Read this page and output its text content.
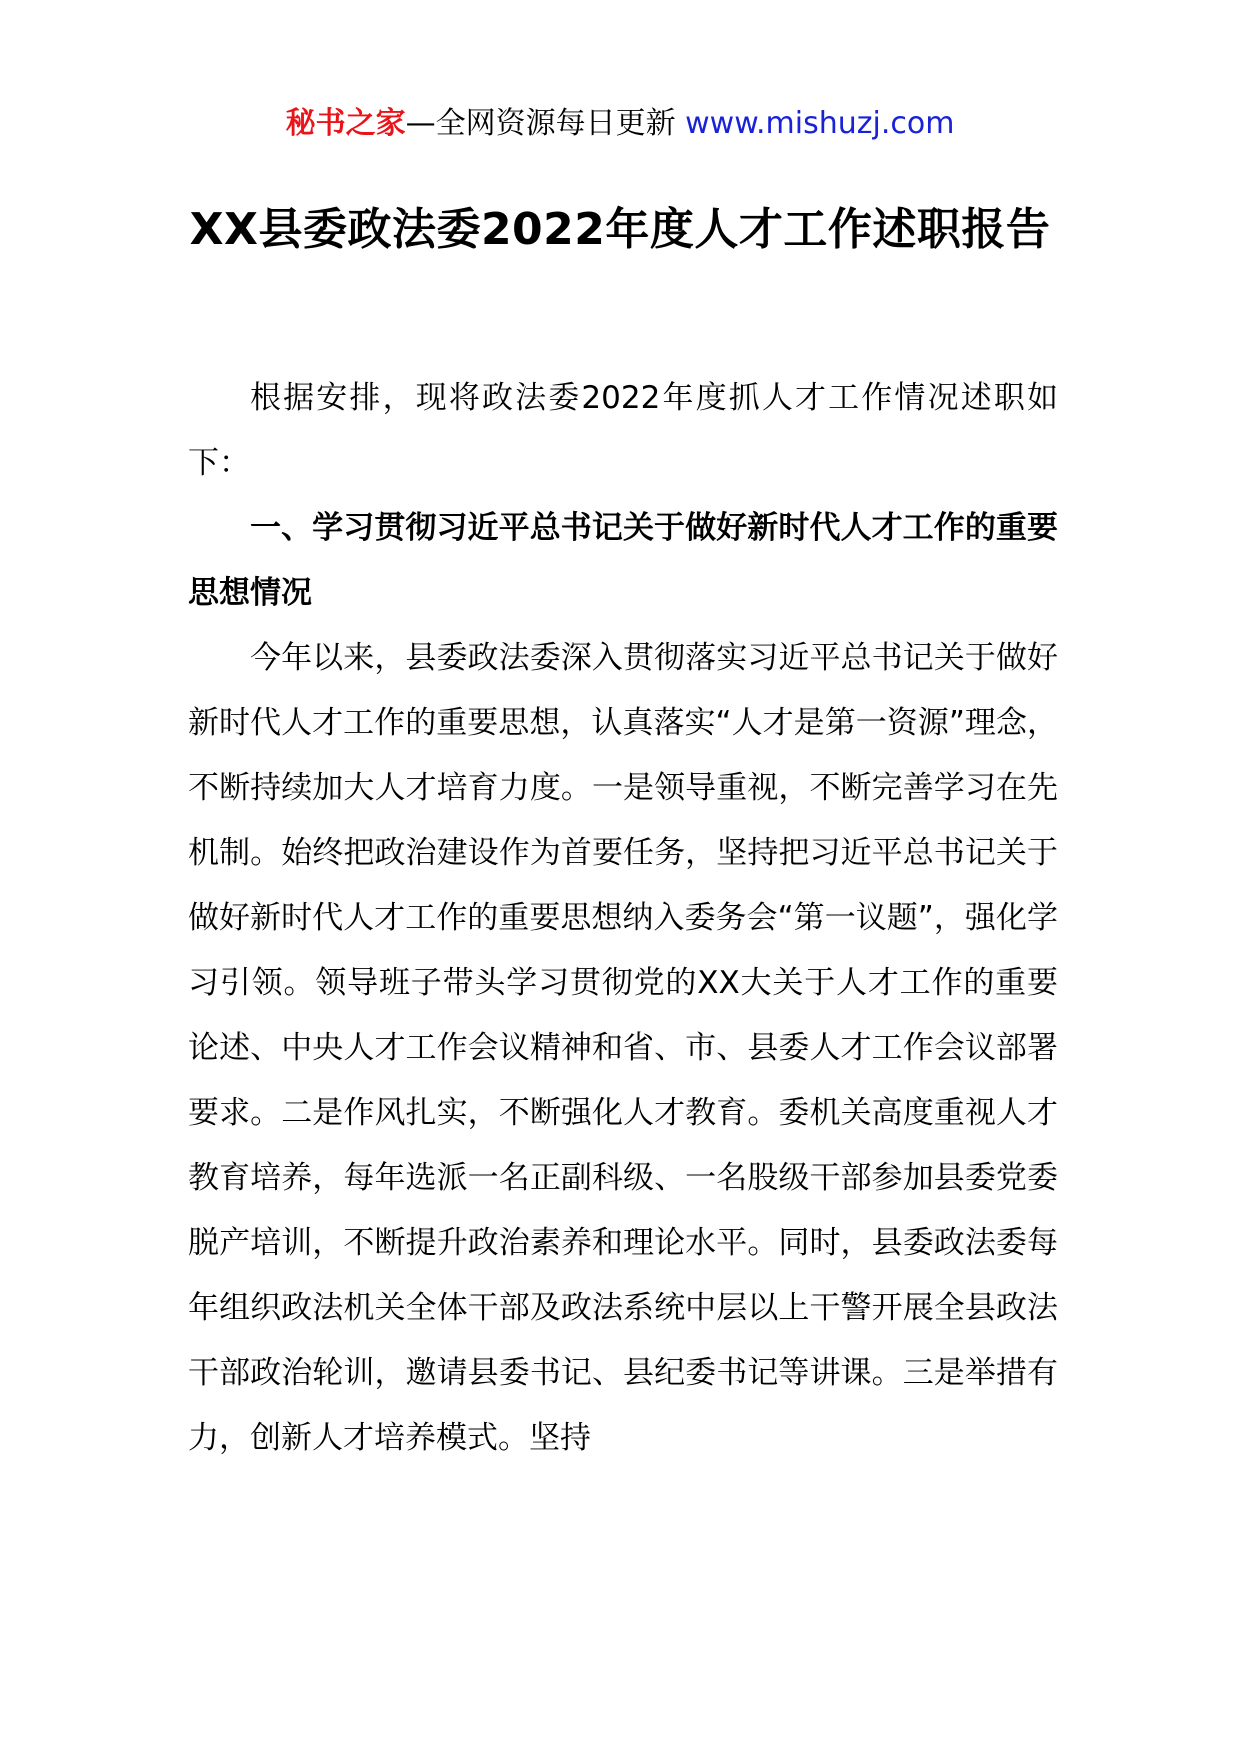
秘书之家—全网资源每日更新 www.mishuzj.com
XX县委政法委2022年度人才工作述职报告

根据安排，现将政法委2022年度抓人才工作情况述职如下：

一、学习贯彻习近平总书记关于做好新时代人才工作的重要思想情况

今年以来，县委政法委深入贯彻落实习近平总书记关于做好新时代人才工作的重要思想，认真落实“人才是第一资源”理念，不断持续加大人才培育力度。一是领导重视，不断完善学习在先机制。始终把政治建设作为首要任务，坚持把习近平总书记关于做好新时代人才工作的重要思想纳入委务会“第一议题”，强化学习引领。领导班子带头学习贯彻党的XX大关于人才工作的重要论述、中央人才工作会议精神和省、市、县委人才工作会议部署要求。二是作风扎实，不断强化人才教育。委机关高度重视人才教育培养，每年选派一名正副科级、一名股级干部参加县委党委脱产培训，不断提升政治素养和理论水平。同时，县委政法委每年组织政法机关全体干部及政法系统中层以上干警开展全县政法干部政治轮训，邀请县委书记、县纪委书记等讲课。三是举措有力，创新人才培养模式。坚持
